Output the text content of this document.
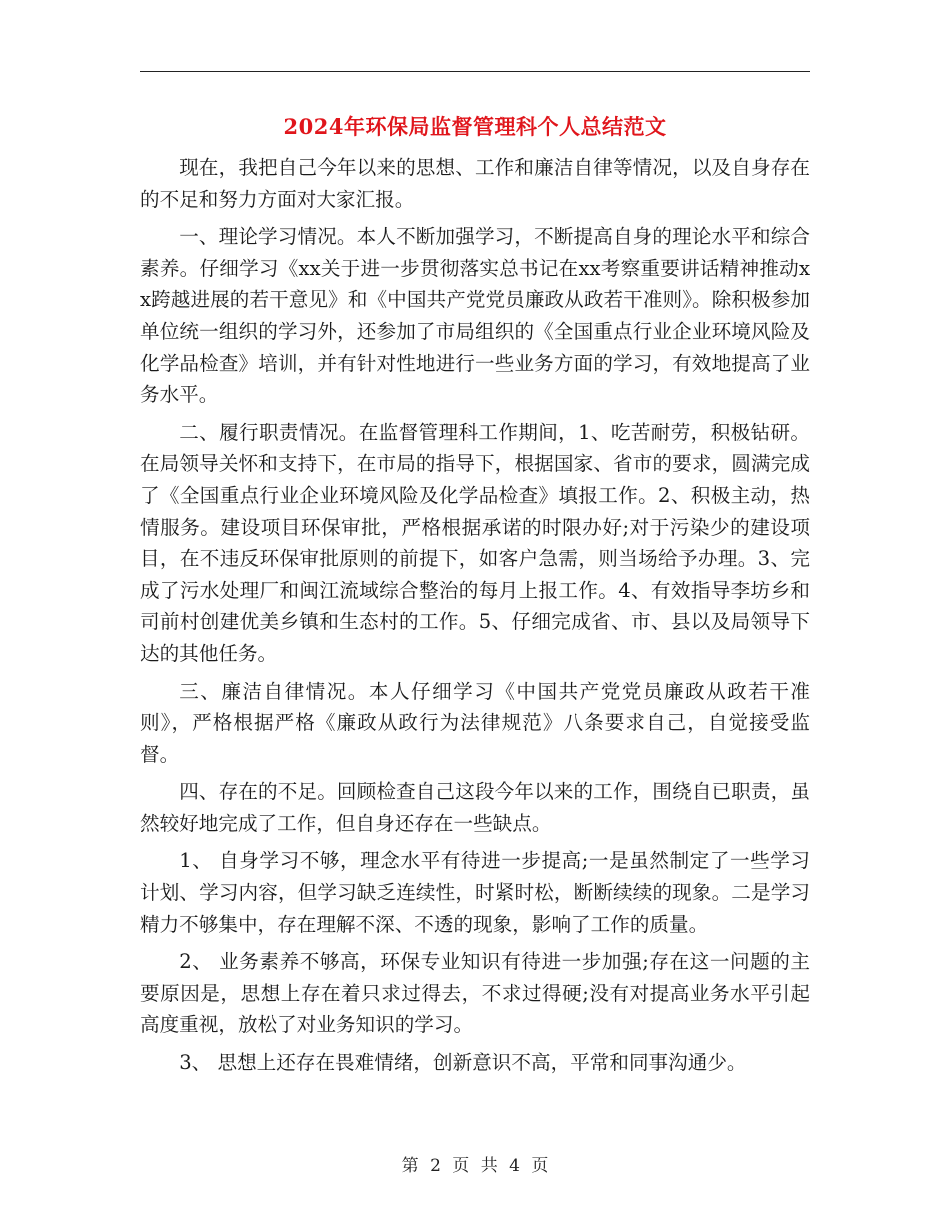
2024年环保局监督管理科个人总结范文

现在，我把自己今年以来的思想、工作和廉洁自律等情况，以及自身存在的不足和努力方面对大家汇报。

一、理论学习情况。本人不断加强学习，不断提高自身的理论水平和综合素养。仔细学习《xx关于进一步贯彻落实总书记在xx考察重要讲话精神推动xx跨越进展的若干意见》和《中国共产党党员廉政从政若干准则》。除积极参加单位统一组织的学习外，还参加了市局组织的《全国重点行业企业环境风险及化学品检查》培训，并有针对性地进行一些业务方面的学习，有效地提高了业务水平。

二、履行职责情况。在监督管理科工作期间，1、吃苦耐劳，积极钻研。在局领导关怀和支持下，在市局的指导下，根据国家、省市的要求，圆满完成了《全国重点行业企业环境风险及化学品检查》填报工作。2、积极主动，热情服务。建设项目环保审批，严格根据承诺的时限办好;对于污染少的建设项目，在不违反环保审批原则的前提下，如客户急需，则当场给予办理。3、完成了污水处理厂和闽江流域综合整治的每月上报工作。4、有效指导李坊乡和司前村创建优美乡镇和生态村的工作。5、仔细完成省、市、县以及局领导下达的其他任务。

三、廉洁自律情况。本人仔细学习《中国共产党党员廉政从政若干准则》，严格根据严格《廉政从政行为法律规范》八条要求自己，自觉接受监督。

四、存在的不足。回顾检查自己这段今年以来的工作，围绕自已职责，虽然较好地完成了工作，但自身还存在一些缺点。

1、 自身学习不够，理念水平有待进一步提高;一是虽然制定了一些学习计划、学习内容，但学习缺乏连续性，时紧时松，断断续续的现象。二是学习精力不够集中，存在理解不深、不透的现象，影响了工作的质量。

2、 业务素养不够高，环保专业知识有待进一步加强;存在这一问题的主要原因是，思想上存在着只求过得去，不求过得硬;没有对提高业务水平引起高度重视，放松了对业务知识的学习。

3、 思想上还存在畏难情绪，创新意识不高，平常和同事沟通少。

第 2 页 共 4 页
